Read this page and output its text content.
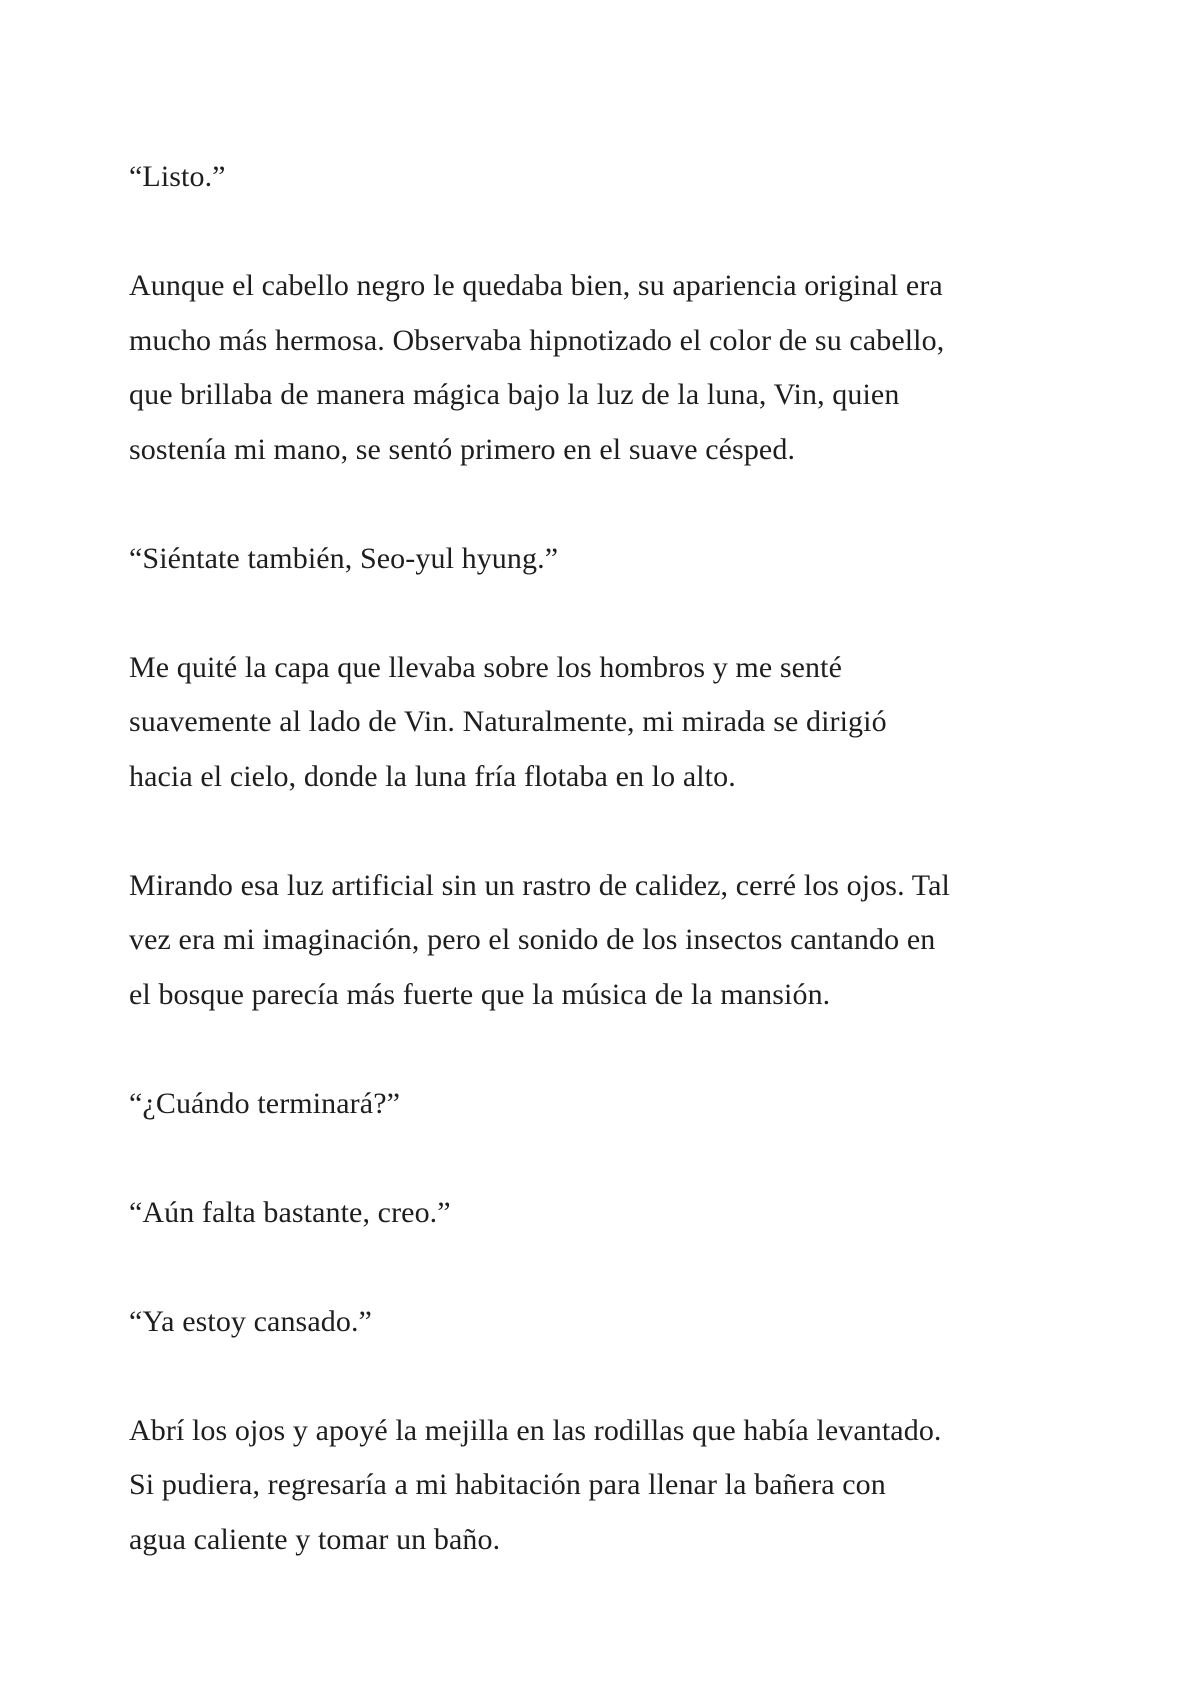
“Listo.”

Aunque el cabello negro le quedaba bien, su apariencia original era
mucho más hermosa. Observaba hipnotizado el color de su cabello,
que brillaba de manera mágica bajo la luz de la luna, Vin, quien
sostenía mi mano, se sentó primero en el suave césped.

“Siéntate también, Seo-yul hyung.”

Me quité la capa que llevaba sobre los hombros y me senté
suavemente al lado de Vin. Naturalmente, mi mirada se dirigió
hacia el cielo, donde la luna fría flotaba en lo alto.

Mirando esa luz artificial sin un rastro de calidez, cerré los ojos. Tal
vez era mi imaginación, pero el sonido de los insectos cantando en
el bosque parecía más fuerte que la música de la mansión.

“¿Cuándo terminará?”

“Aún falta bastante, creo.”

“Ya estoy cansado.”

Abrí los ojos y apoyé la mejilla en las rodillas que había levantado.
Si pudiera, regresaría a mi habitación para llenar la bañera con
agua caliente y tomar un baño.
